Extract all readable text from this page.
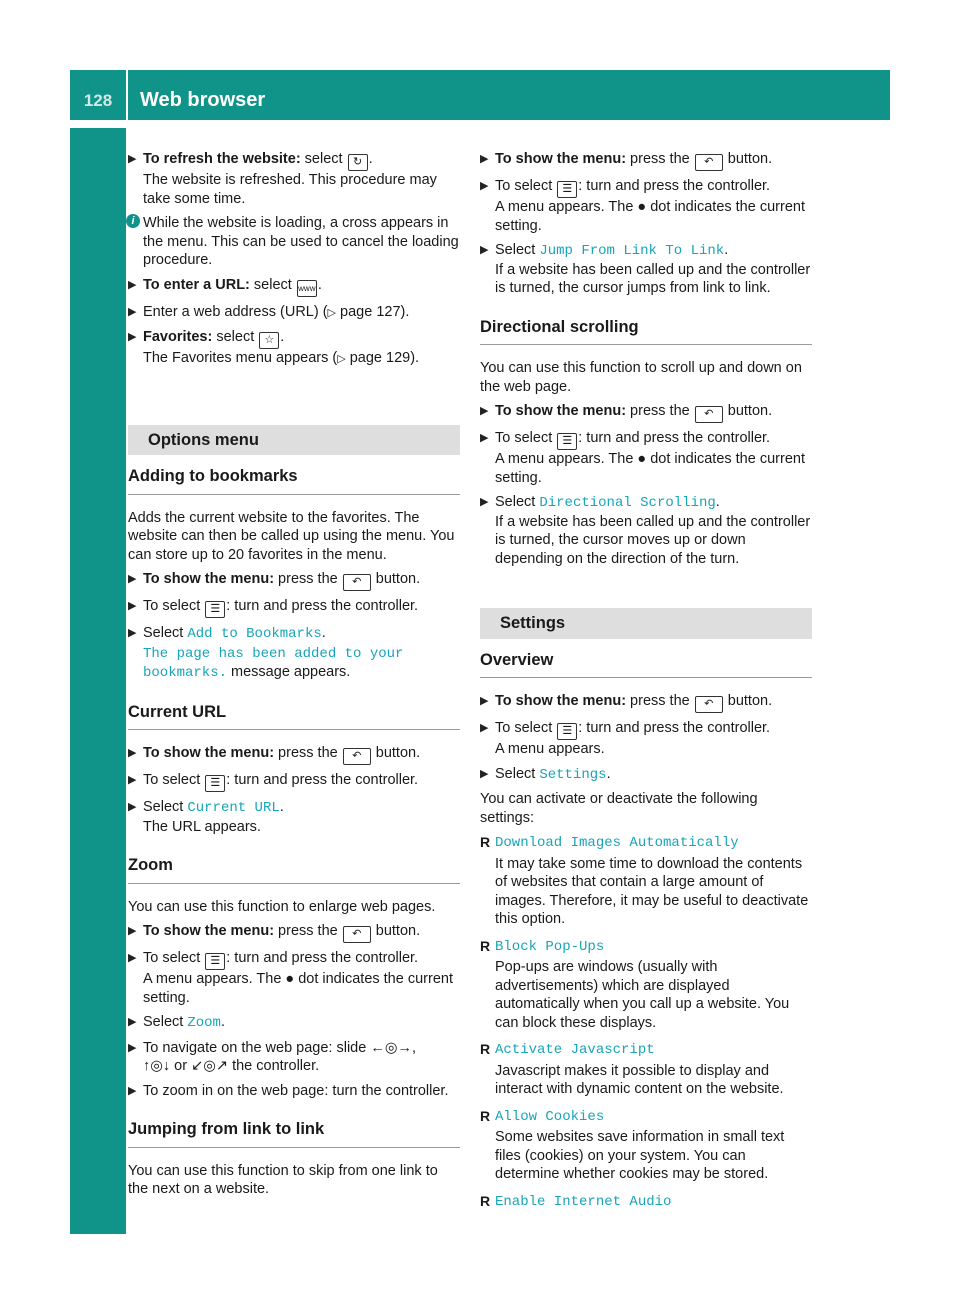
128	Web browser
Online and Internet functions
▶ To refresh the website: select ↻ .
The website is refreshed. This procedure may take some time.
i While the website is loading, a cross appears in the menu. This can be used to cancel the loading procedure.
▶ To enter a URL: select www .
▶ Enter a web address (URL) (▷ page 127).
▶ Favorites: select ☆ .
The Favorites menu appears (▷ page 129).
Options menu
Adding to bookmarks

Adds the current website to the favorites. The website can then be called up using the menu. You can store up to 20 favorites in the menu.

▶ To show the menu: press the ↶ button.
▶ To select ☰ : turn and press the controller.
▶ Select Add to Bookmarks.
The page has been added to your bookmarks. message appears.
Current URL
▶ To show the menu: press the ↶ button.
▶ To select ☰ : turn and press the controller.
▶ Select Current URL.
The URL appears.
Zoom

You can use this function to enlarge web pages.

▶ To show the menu: press the ↶ button.
▶ To select ☰ : turn and press the controller.
A menu appears. The ● dot indicates the current setting.
▶ Select Zoom.
▶ To navigate on the web page: slide ←◎→,
↑◎↓ or ↙◎↗ the controller.
▶ To zoom in on the web page: turn the controller.
Jumping from link to link

You can use this function to skip from one link to the next on a website.

▶ To show the menu: press the ↶ button.
▶ To select ☰ : turn and press the controller.
A menu appears. The ● dot indicates the current setting.
▶ Select Jump From Link To Link.
If a website has been called up and the controller is turned, the cursor jumps from link to link.
Directional scrolling

You can use this function to scroll up and down on the web page.

▶ To show the menu: press the ↶ button.
▶ To select ☰ : turn and press the controller.
A menu appears. The ● dot indicates the current setting.
▶ Select Directional Scrolling.
If a website has been called up and the controller is turned, the cursor moves up or down depending on the direction of the turn.
Settings
Overview
▶ To show the menu: press the ↶ button.
▶ To select ☰ : turn and press the controller.
A menu appears.
▶ Select Settings.

You can activate or deactivate the following settings:

R Download Images Automatically
It may take some time to download the contents of websites that contain a large amount of images. Therefore, it may be useful to deactivate this option.
R Block Pop-Ups
Pop-ups are windows (usually with advertisements) which are displayed automatically when you call up a website. You can block these displays.
R Activate Javascript
Javascript makes it possible to display and interact with dynamic content on the website.
R Allow Cookies
Some websites save information in small text files (cookies) on your system. You can determine whether cookies may be stored.
R Enable Internet Audio
